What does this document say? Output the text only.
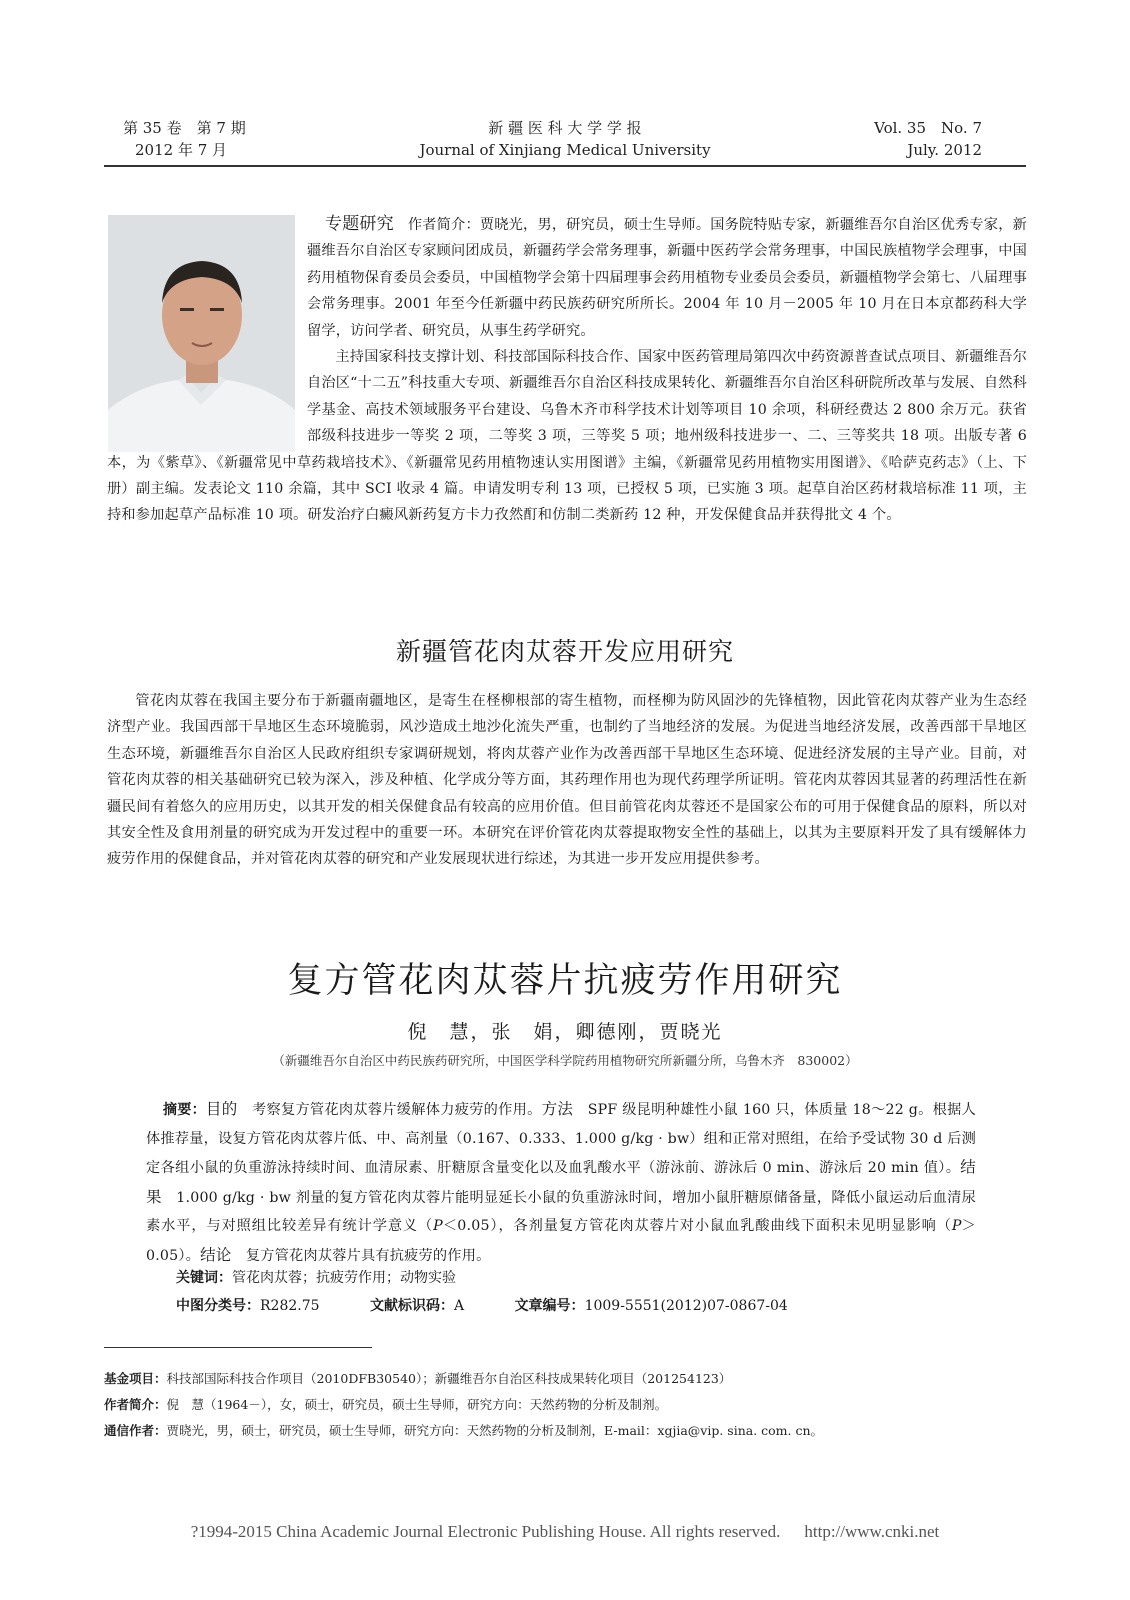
第 35 卷　第 7 期
2012 年 7 月
新 疆 医 科 大 学 学 报
Journal of Xinjiang Medical University
Vol. 35　No. 7
July. 2012

专题研究 作者简介：贾晓光，男，研究员，硕士生导师。国务院特贴专家，新疆维吾尔自治区优秀专家，新疆维吾尔自治区专家顾问团成员，新疆药学会常务理事，新疆中医药学会常务理事，中国民族植物学会理事，中国药用植物保育委员会委员，中国植物学会第十四届理事会药用植物专业委员会委员，新疆植物学会第七、八届理事会常务理事。2001 年至今任新疆中药民族药研究所所长。2004 年 10 月－2005 年 10 月在日本京都药科大学留学，访问学者、研究员，从事生药学研究。

主持国家科技支撑计划、科技部国际科技合作、国家中医药管理局第四次中药资源普查试点项目、新疆维吾尔自治区“十二五”科技重大专项、新疆维吾尔自治区科技成果转化、新疆维吾尔自治区科研院所改革与发展、自然科学基金、高技术领域服务平台建设、乌鲁木齐市科学技术计划等项目 10 余项，科研经费达 2 800 余万元。获省部级科技进步一等奖 2 项，二等奖 3 项，三等奖 5 项；地州级科技进步一、二、三等奖共 18 项。出版专著 6 本，为《紫草》、《新疆常见中草药栽培技术》、《新疆常见药用植物速认实用图谱》主编，《新疆常见药用植物实用图谱》、《哈萨克药志》（上、下册）副主编。发表论文 110 余篇，其中 SCI 收录 4 篇。申请发明专利 13 项，已授权 5 项，已实施 3 项。起草自治区药材栽培标准 11 项，主持和参加起草产品标准 10 项。研发治疗白癜风新药复方卡力孜然酊和仿制二类新药 12 种，开发保健食品并获得批文 4 个。

新疆管花肉苁蓉开发应用研究
管花肉苁蓉在我国主要分布于新疆南疆地区，是寄生在柽柳根部的寄生植物，而柽柳为防风固沙的先锋植物，因此管花肉苁蓉产业为生态经济型产业。我国西部干旱地区生态环境脆弱，风沙造成土地沙化流失严重，也制约了当地经济的发展。为促进当地经济发展，改善西部干旱地区生态环境，新疆维吾尔自治区人民政府组织专家调研规划，将肉苁蓉产业作为改善西部干旱地区生态环境、促进经济发展的主导产业。目前，对管花肉苁蓉的相关基础研究已较为深入，涉及种植、化学成分等方面，其药理作用也为现代药理学所证明。管花肉苁蓉因其显著的药理活性在新疆民间有着悠久的应用历史，以其开发的相关保健食品有较高的应用价值。但目前管花肉苁蓉还不是国家公布的可用于保健食品的原料，所以对其安全性及食用剂量的研究成为开发过程中的重要一环。本研究在评价管花肉苁蓉提取物安全性的基础上，以其为主要原料开发了具有缓解体力疲劳作用的保健食品，并对管花肉苁蓉的研究和产业发展现状进行综述，为其进一步开发应用提供参考。
复方管花肉苁蓉片抗疲劳作用研究
倪　慧，张　娟，卿德刚，贾晓光
（新疆维吾尔自治区中药民族药研究所，中国医学科学院药用植物研究所新疆分所，乌鲁木齐　830002）
摘要：目的　 考察复方管花肉苁蓉片缓解体力疲劳的作用。方法　 SPF 级昆明种雄性小鼠 160 只，体质量 18～22 g。根据人体推荐量，设复方管花肉苁蓉片低、中、高剂量（0.167、0.333、1.000 g/kg · bw）组和正常对照组，在给予受试物 30 d 后测定各组小鼠的负重游泳持续时间、血清尿素、肝糖原含量变化以及血乳酸水平（游泳前、游泳后 0 min、游泳后 20 min 值）。结果　 1.000 g/kg · bw 剂量的复方管花肉苁蓉片能明显延长小鼠的负重游泳时间，增加小鼠肝糖原储备量，降低小鼠运动后血清尿素水平，与对照组比较差异有统计学意义（P＜0.05），各剂量复方管花肉苁蓉片对小鼠血乳酸曲线下面积未见明显影响（P＞0.05）。结论　 复方管花肉苁蓉片具有抗疲劳的作用。
关键词：管花肉苁蓉；抗疲劳作用；动物实验
中图分类号：R282.75	文献标识码：A	文章编号：1009-5551(2012)07-0867-04
基金项目：科技部国际科技合作项目（2010DFB30540）；新疆维吾尔自治区科技成果转化项目（201254123）
作者简介：倪　慧（1964－），女，硕士，研究员，硕士生导师，研究方向：天然药物的分析及制剂。
通信作者：贾晓光，男，硕士，研究员，硕士生导师，研究方向：天然药物的分析及制剂，E-mail：xgjia@vip. sina. com. cn。
?1994-2015 China Academic Journal Electronic Publishing House. All rights reserved. http://www.cnki.net
